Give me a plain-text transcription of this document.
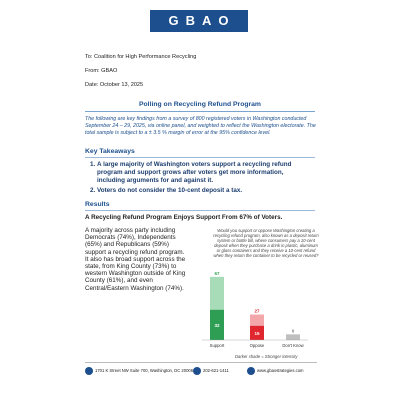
GBAO
To: Coalition for High Performance Recycling
From: GBAO
Date: October 13, 2025
Polling on Recycling Refund Program
The following are key findings from a survey of 800 registered voters in Washington conducted September 24 – 29, 2025, via online panel, and weighted to reflect the Washington electorate. The total sample is subject to a ± 3.5 % margin of error at the 95% confidence level.
Key Takeaways
1. A large majority of Washington voters support a recycling refund program and support grows after voters get more information, including arguments for and against it.
2. Voters do not consider the 10-cent deposit a tax.
Results
A Recycling Refund Program Enjoys Support From 67% of Voters.
A majority across party including Democrats (74%), Independents (65%) and Republicans (59%) support a recycling refund program. It also has broad support across the state, from King County (73%) to western Washington outside of King County (61%), and even Central/Eastern Washington (74%).
Would you support or oppose Washington creating a recycling refund program, also known as a deposit return system or bottle bill, where consumers pay a 10-cent deposit when they purchase a drink in plastic, aluminum or glass containers and they receive a 10-cent refund when they return the container to be recycled or reused?
32
67
Support
15
27
Oppose
6
Don't Know
Darker shade = Stronger intensity
1701 K Street NW Suite 700, Washington, DC 20006 202-621-1411	www.gbaostrategies.com
